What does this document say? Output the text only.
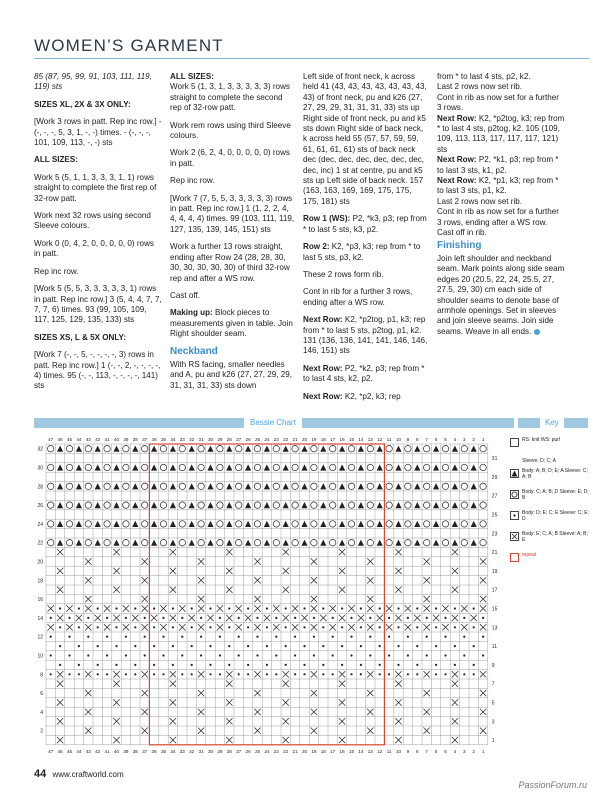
WOMEN’S GARMENT

85 (87, 95, 99, 91, 103, 111, 119, 119) sts

SIZES XL, 2X & 3X ONLY:

[Work 3 rows in patt. Rep inc row.] - (-, -, -, 5, 3, 1, -, -) times. - (-, -, -, 101, 109, 113, -, -) sts

ALL SIZES:

Work 5 (5, 1, 1, 3, 3, 3, 1, 1) rows straight to complete the first rep of 32-row patt.

Work next 32 rows using second Sleeve colours.

Work 0 (0, 4, 2, 0, 0, 0, 0, 0) rows in patt.

Rep inc row.

[Work 5 (5, 5, 3, 3, 3, 3, 3, 1) rows in patt. Rep inc row.] 3 (5, 4, 4, 7, 7, 7, 7, 6) times. 93 (99, 105, 109, 117, 125, 129, 135, 133) sts

SIZES XS, L & 5X ONLY:

[Work 7 (-, -, 5, -, -, -, -, 3) rows in patt. Rep inc row.] 1 (-, -, 2, -, -, -, -, 4) times. 95 (-, -, 113, -, -, -, -, 141) sts

ALL SIZES:

Work 5 (1, 3, 1, 3, 3, 3, 3, 3) rows straight to complete the second rep of 32-row patt.

Work rem rows using third Sleeve colours.

Work 2 (6, 2, 4, 0, 0, 0, 0, 0) rows in patt.

Rep inc row.

[Work 7 (7, 5, 5, 3, 3, 3, 3, 3) rows in patt. Rep inc row.] 1 (1, 2, 2, 4, 4, 4, 4, 4) times. 99 (103, 111, 119, 127, 135, 139, 145, 151) sts

Work a further 13 rows straight, ending after Row 24 (28, 28, 30, 30, 30, 30, 30, 30) of third 32-row rep and after a WS row.

Cast off.

Making up: Block pieces to measurements given in table. Join Right shoulder seam.

Neckband

With RS facing, smaller needles and A, pu and k26 (27, 27, 29, 29, 31, 31, 31, 33) sts down

Left side of front neck, k across held 41 (43, 43, 43, 43, 43, 43, 43, 43) of front neck, pu and k26 (27, 27, 29, 29, 31, 31, 31, 33) sts up Right side of front neck, pu and k5 sts down Right side of back neck, k across held 55 (57, 57, 59, 59, 61, 61, 61, 61) sts of back neck dec (dec, dec, dec, dec, dec, dec, dec, inc) 1 st at centre, pu and k5 sts up Left side of back neck. 157 (163, 163, 169, 169, 175, 175, 175, 181) sts

Row 1 (WS): P2, *k3, p3; rep from * to last 5 sts, k3, p2.

Row 2: K2, *p3, k3; rep from * to last 5 sts, p3, k2.

These 2 rows form rib.

Cont in rib for a further 3 rows, ending after a WS row.

Next Row: K2, *p2tog, p1, k3; rep from * to last 5 sts, p2tog, p1, k2. 131 (136, 136, 141, 141, 146, 146, 146, 151) sts

Next Row: P2, *k2, p3; rep from * to last 4 sts, k2, p2.

Next Row: K2, *p2, k3; rep

from * to last 4 sts, p2, k2.

Last 2 rows now set rib.

Cont in rib as now set for a further 3 rows.

Next Row: K2, *p2tog, k3; rep from * to last 4 sts, p2tog, k2. 105 (109, 109, 113, 113, 117, 117, 117, 121) sts

Next Row: P2, *k1, p3; rep from * to last 3 sts, k1, p2.

Next Row: K2, *p1, k3; rep from * to last 3 sts, p1, k2.

Last 2 rows now set rib.

Cont in rib as now set for a further 3 rows, ending after a WS row.

Cast off in rib.

Finishing

Join left shoulder and neckband seam. Mark points along side seam edges 20 (20.5, 22, 24, 25.5, 27, 27.5, 29, 30) cm each side of shoulder seams to denote base of armhole openings. Set in sleeves and join sleeve seams. Join side seams. Weave in all ends.

Bessie Chart	Key
47
47
46
46
45
45
44
44
43
43
42
42
41
41
40
40
39
39
38
38
37
37
36
36
35
35
34
34
33
33
32
32
31
31
30
30
29
29
28
28
27
27
26
26
25
25
24
24
23
23
22
22
21
21
20
20
19
19
18
18
17
17
16
16
15
15
14
14
13
13
12
12
11
11
10
10
9
9
8
8
7
7
6
6
5
5
4
4
3
3
2
2
1
1
32
30
28
26
24
22
20
18
16
14
12
10
8
6
4
2
31
29
27
25
23
21
19
17
15
13
11
9
7
5
3
1
RS: knit WS: purl
Sleeve: D; C; A
Body: A; B; D; E; A Sleeve: C; A; B
Body: C; A; B; D Sleeve: E; D; B
Body: D; E; C; E Sleeve: C; E; D
Body: E; C; A; B Sleeve: A; B; E
repeat
44 www.craftworld.com
PassionForum.ru
